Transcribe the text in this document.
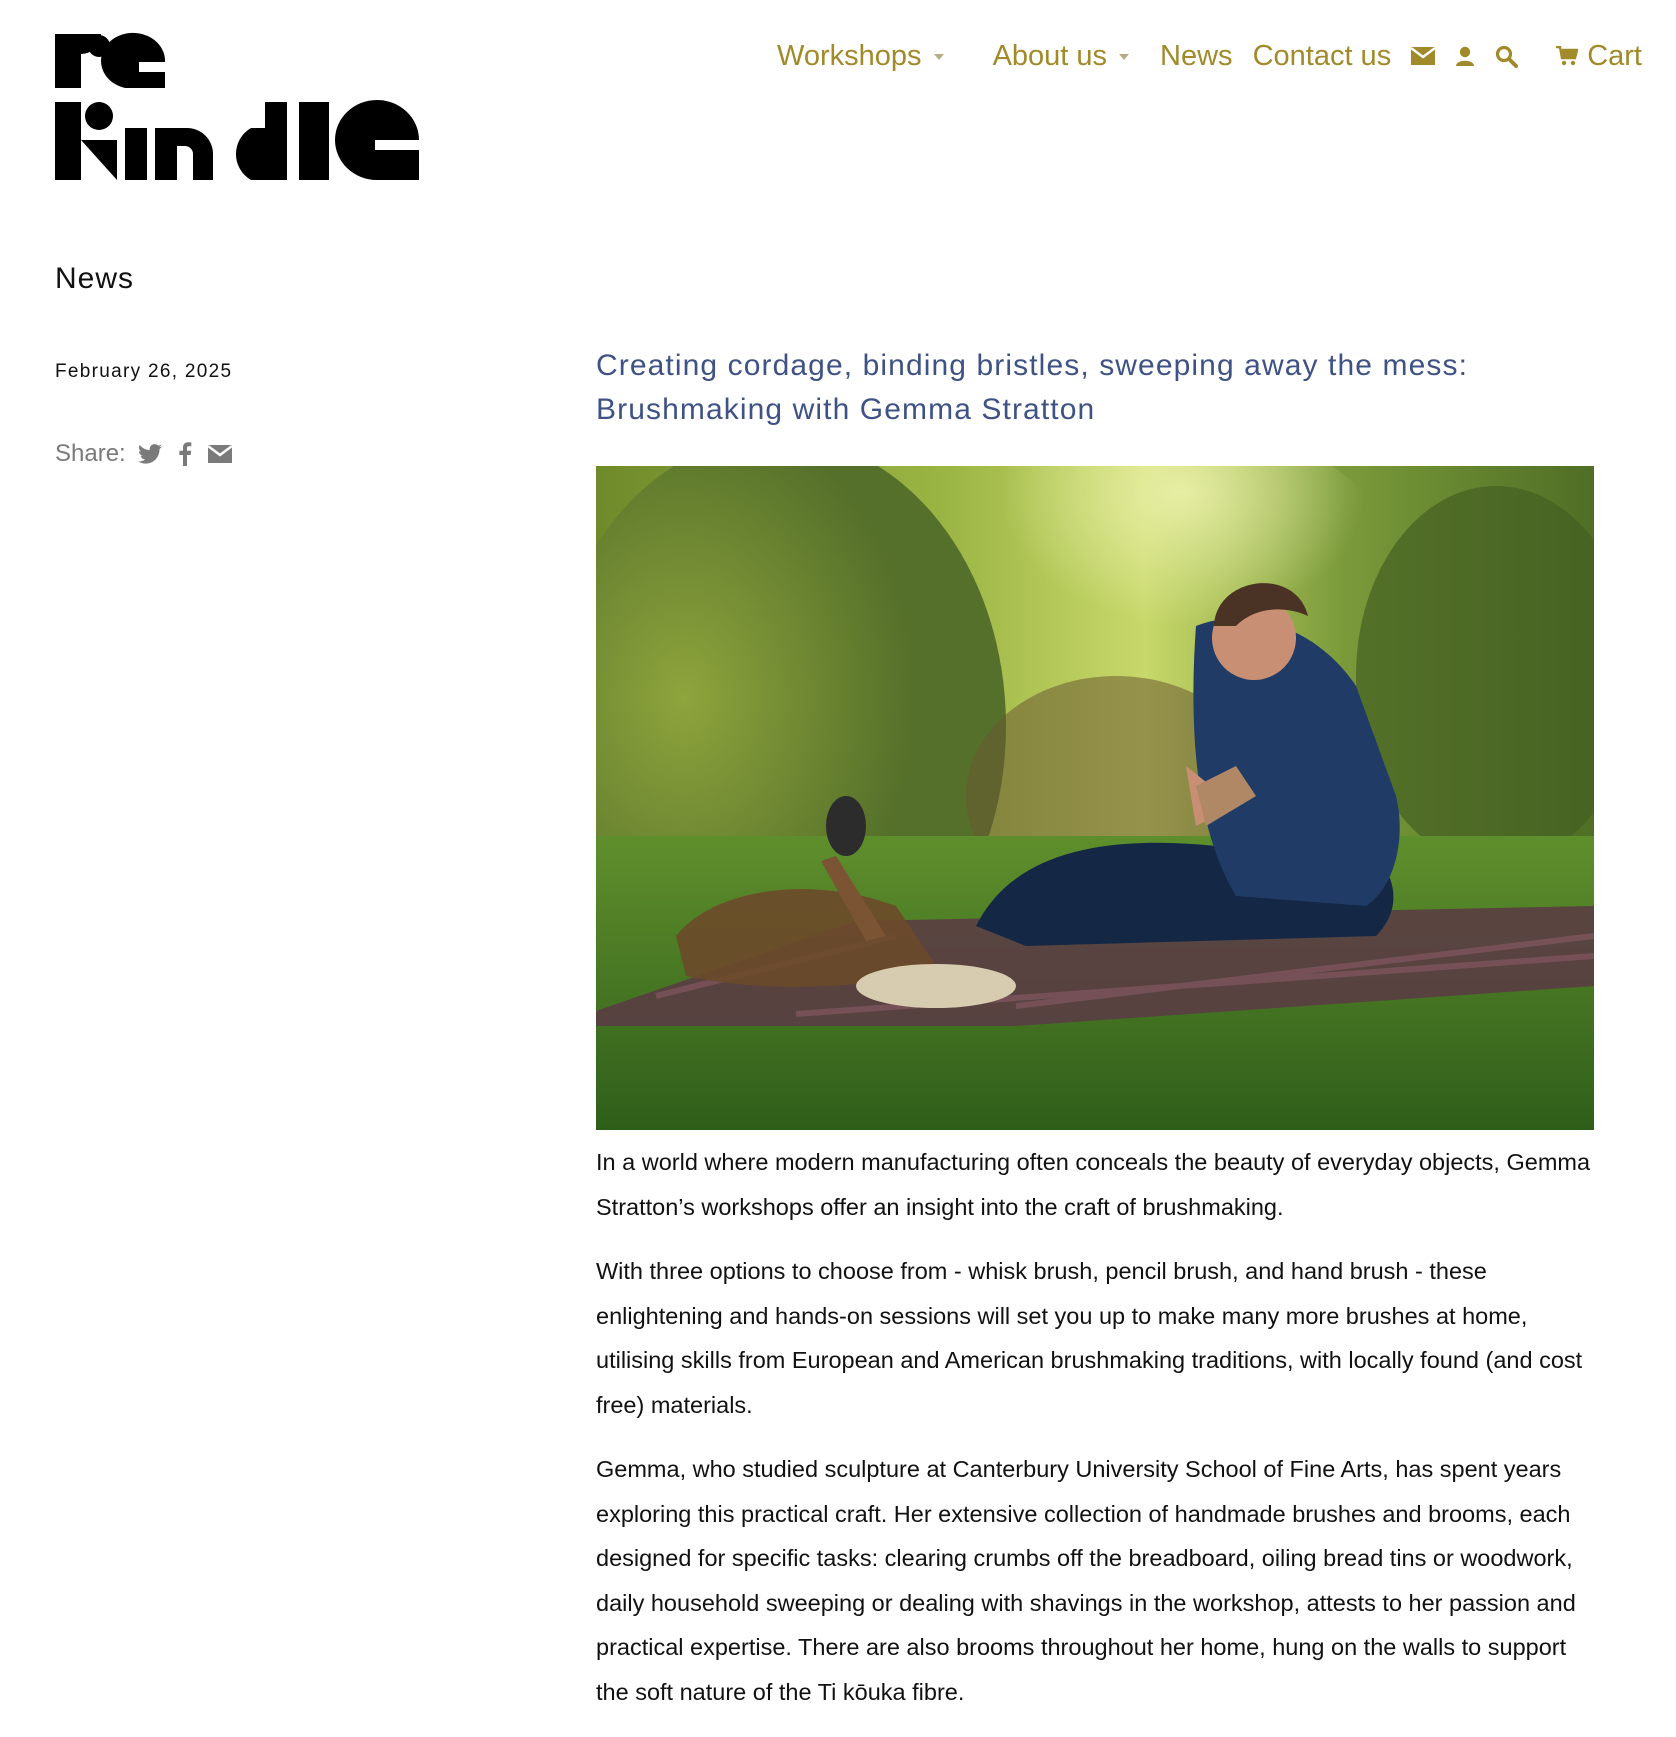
Workshops About us News Contact us	Cart
News
February 26, 2025
Share:
Creating cordage, binding bristles, sweeping away the mess: Brushmaking with Gemma Stratton

In a world where modern manufacturing often conceals the beauty of everyday objects, Gemma Stratton’s workshops offer an insight into the craft of brushmaking.

With three options to choose from - whisk brush, pencil brush, and hand brush - these enlightening and hands-on sessions will set you up to make many more brushes at home, utilising skills from European and American brushmaking traditions, with locally found (and cost free) materials.

Gemma, who studied sculpture at Canterbury University School of Fine Arts, has spent years exploring this practical craft. Her extensive collection of handmade brushes and brooms, each designed for specific tasks: clearing crumbs off the breadboard, oiling bread tins or woodwork, daily household sweeping or dealing with shavings in the workshop, attests to her passion and practical expertise. There are also brooms throughout her home, hung on the walls to support the soft nature of the Ti kōuka fibre.
